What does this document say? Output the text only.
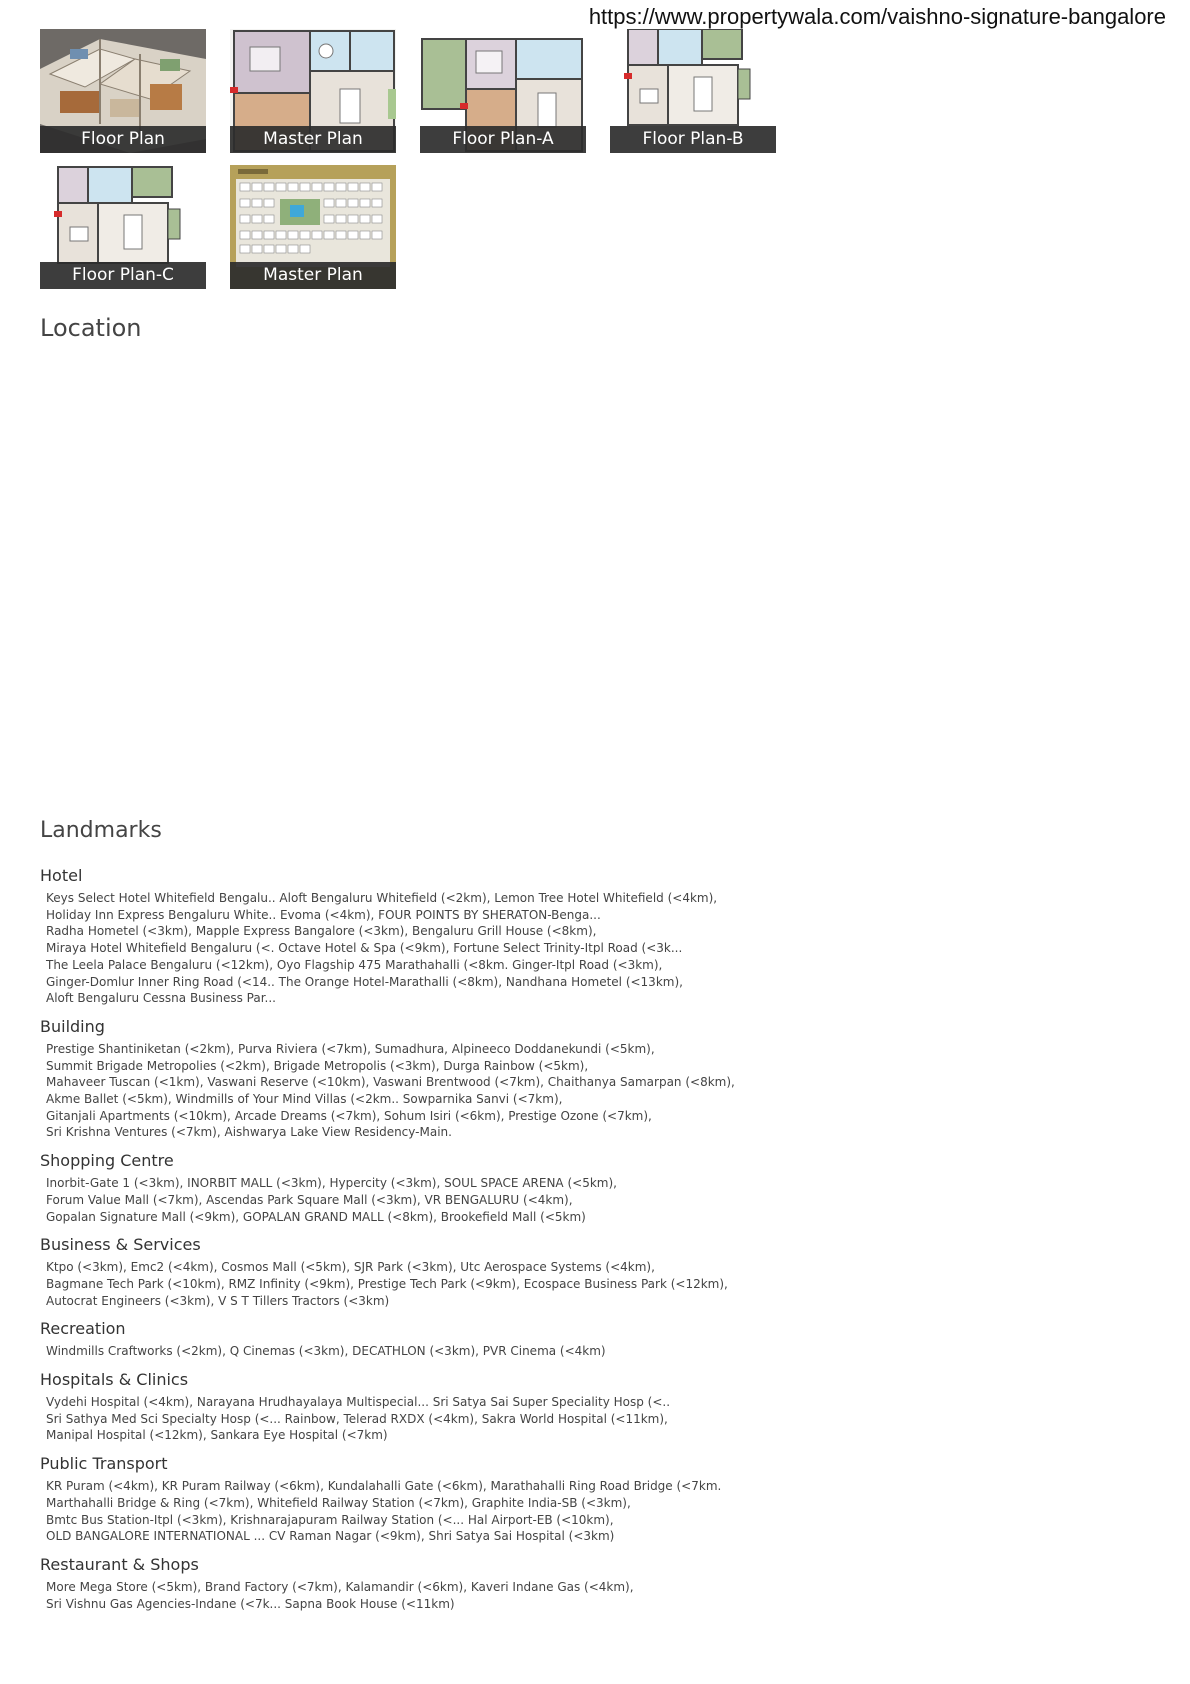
https://www.propertywala.com/vaishno-signature-bangalore
Floor Plan	Master Plan	Floor Plan-A	Floor Plan-B
Floor Plan-C	Master Plan
Location
Landmarks
Hotel
Keys Select Hotel Whitefield Bengalu.. Aloft Bengaluru Whitefield (<2km), Lemon Tree Hotel Whitefield (<4km),
Holiday Inn Express Bengaluru White.. Evoma (<4km), FOUR POINTS BY SHERATON-Benga...
Radha Hometel (<3km), Mapple Express Bangalore (<3km), Bengaluru Grill House (<8km),
Miraya Hotel Whitefield Bengaluru (<. Octave Hotel & Spa (<9km), Fortune Select Trinity-Itpl Road (<3k...
The Leela Palace Bengaluru (<12km), Oyo Flagship 475 Marathahalli (<8km. Ginger-Itpl Road (<3km),
Ginger-Domlur Inner Ring Road (<14.. The Orange Hotel-Marathalli (<8km), Nandhana Hometel (<13km),
Aloft Bengaluru Cessna Business Par...
Building
Prestige Shantiniketan (<2km), Purva Riviera (<7km), Sumadhura, Alpineeco Doddanekundi (<5km),
Summit Brigade Metropolies (<2km), Brigade Metropolis (<3km), Durga Rainbow (<5km),
Mahaveer Tuscan (<1km), Vaswani Reserve (<10km), Vaswani Brentwood (<7km), Chaithanya Samarpan (<8km),
Akme Ballet (<5km), Windmills of Your Mind Villas (<2km.. Sowparnika Sanvi (<7km),
Gitanjali Apartments (<10km), Arcade Dreams (<7km), Sohum Isiri (<6km), Prestige Ozone (<7km),
Sri Krishna Ventures (<7km), Aishwarya Lake View Residency-Main.
Shopping Centre
Inorbit-Gate 1 (<3km), INORBIT MALL (<3km), Hypercity (<3km), SOUL SPACE ARENA (<5km),
Forum Value Mall (<7km), Ascendas Park Square Mall (<3km), VR BENGALURU (<4km),
Gopalan Signature Mall (<9km), GOPALAN GRAND MALL (<8km), Brookefield Mall (<5km)
Business & Services
Ktpo (<3km), Emc2 (<4km), Cosmos Mall (<5km), SJR Park (<3km), Utc Aerospace Systems (<4km),
Bagmane Tech Park (<10km), RMZ Infinity (<9km), Prestige Tech Park (<9km), Ecospace Business Park (<12km),
Autocrat Engineers (<3km), V S T Tillers Tractors (<3km)
Recreation
Windmills Craftworks (<2km), Q Cinemas (<3km), DECATHLON (<3km), PVR Cinema (<4km)
Hospitals & Clinics
Vydehi Hospital (<4km), Narayana Hrudhayalaya Multispecial... Sri Satya Sai Super Speciality Hosp (<..
Sri Sathya Med Sci Specialty Hosp (<... Rainbow, Telerad RXDX (<4km), Sakra World Hospital (<11km),
Manipal Hospital (<12km), Sankara Eye Hospital (<7km)
Public Transport
KR Puram (<4km), KR Puram Railway (<6km), Kundalahalli Gate (<6km), Marathahalli Ring Road Bridge (<7km.
Marthahalli Bridge & Ring (<7km), Whitefield Railway Station (<7km), Graphite India-SB (<3km),
Bmtc Bus Station-Itpl (<3km), Krishnarajapuram Railway Station (<... Hal Airport-EB (<10km),
OLD BANGALORE INTERNATIONAL ... CV Raman Nagar (<9km), Shri Satya Sai Hospital (<3km)
Restaurant & Shops
More Mega Store (<5km), Brand Factory (<7km), Kalamandir (<6km), Kaveri Indane Gas (<4km),
Sri Vishnu Gas Agencies-Indane (<7k... Sapna Book House (<11km)
